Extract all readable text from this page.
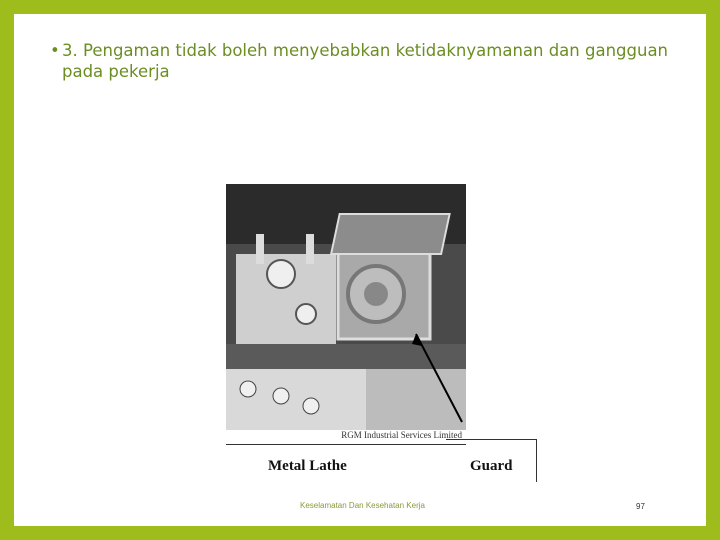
• 3. Pengaman tidak boleh menyebabkan ketidaknyamanan dan gangguan pada pekerja
RGM Industrial Services Limited
Metal Lathe	Guard
Keselamatan Dan Kesehatan Kerja	97
